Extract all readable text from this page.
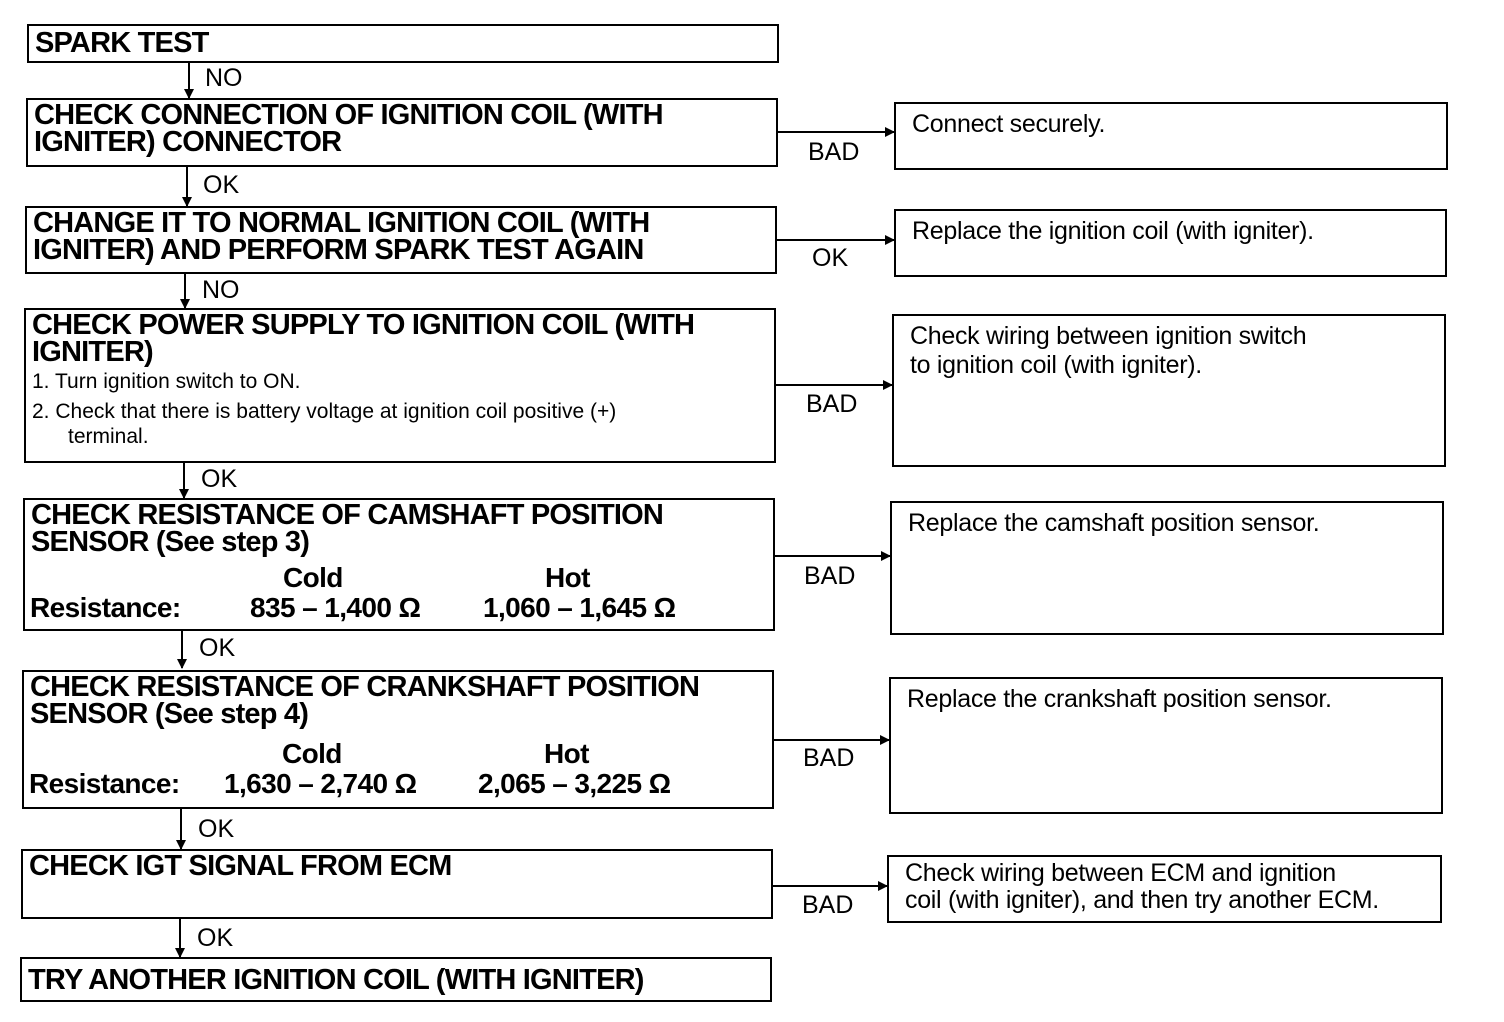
SPARK TEST
CHECK CONNECTION OF IGNITION COIL (WITH
IGNITER) CONNECTOR
CHANGE IT TO NORMAL IGNITION COIL (WITH
IGNITER) AND PERFORM SPARK TEST AGAIN
CHECK POWER SUPPLY TO IGNITION COIL (WITH
IGNITER)
1. Turn ignition switch to ON.
2. Check that there is battery voltage at ignition coil positive (+)
terminal.
CHECK RESISTANCE OF CAMSHAFT POSITION
SENSOR (See step 3)
Cold	Hot
Resistance: 835 – 1,400 Ω 1,060 – 1,645 Ω
CHECK RESISTANCE OF CRANKSHAFT POSITION
SENSOR (See step 4)
Cold	Hot
Resistance: 1,630 – 2,740 Ω 2,065 – 3,225 Ω
CHECK IGT SIGNAL FROM ECM
TRY ANOTHER IGNITION COIL (WITH IGNITER)
NO
OK
NO
OK
OK
OK
OK
BAD
OK
BAD
BAD
BAD
BAD
Connect securely.
Replace the ignition coil (with igniter).
Check wiring between ignition switch
to ignition coil (with igniter).
Replace the camshaft position sensor.
Replace the crankshaft position sensor.
Check wiring between ECM and ignition
coil (with igniter), and then try another ECM.
